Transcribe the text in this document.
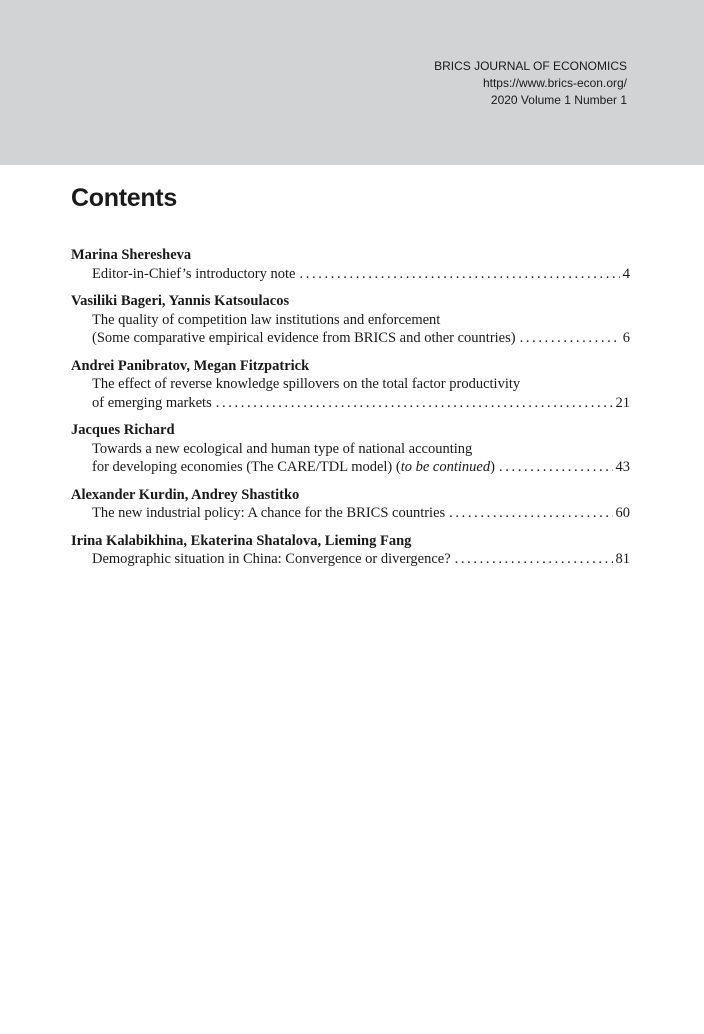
BRICS JOURNAL OF ECONOMICS
https://www.brics-econ.org/
2020 Volume 1 Number 1
Contents
Marina Sheresheva
Editor-in-Chief’s introductory note . . .	4
Vasiliki Bageri, Yannis Katsoulacos
The quality of competition law institutions and enforcement
(Some comparative empirical evidence from BRICS and other countries) . . .	6
Andrei Panibratov, Megan Fitzpatrick
The effect of reverse knowledge spillovers on the total factor productivity
of emerging markets . . .	21
Jacques Richard
Towards a new ecological and human type of national accounting
for developing economies (The CARE/TDL model) (to be continued) . . .	43
Alexander Kurdin, Andrey Shastitko
The new industrial policy: A chance for the BRICS countries . . .	60
Irina Kalabikhina, Ekaterina Shatalova, Lieming Fang
Demographic situation in China: Convergence or divergence? . . .	81
